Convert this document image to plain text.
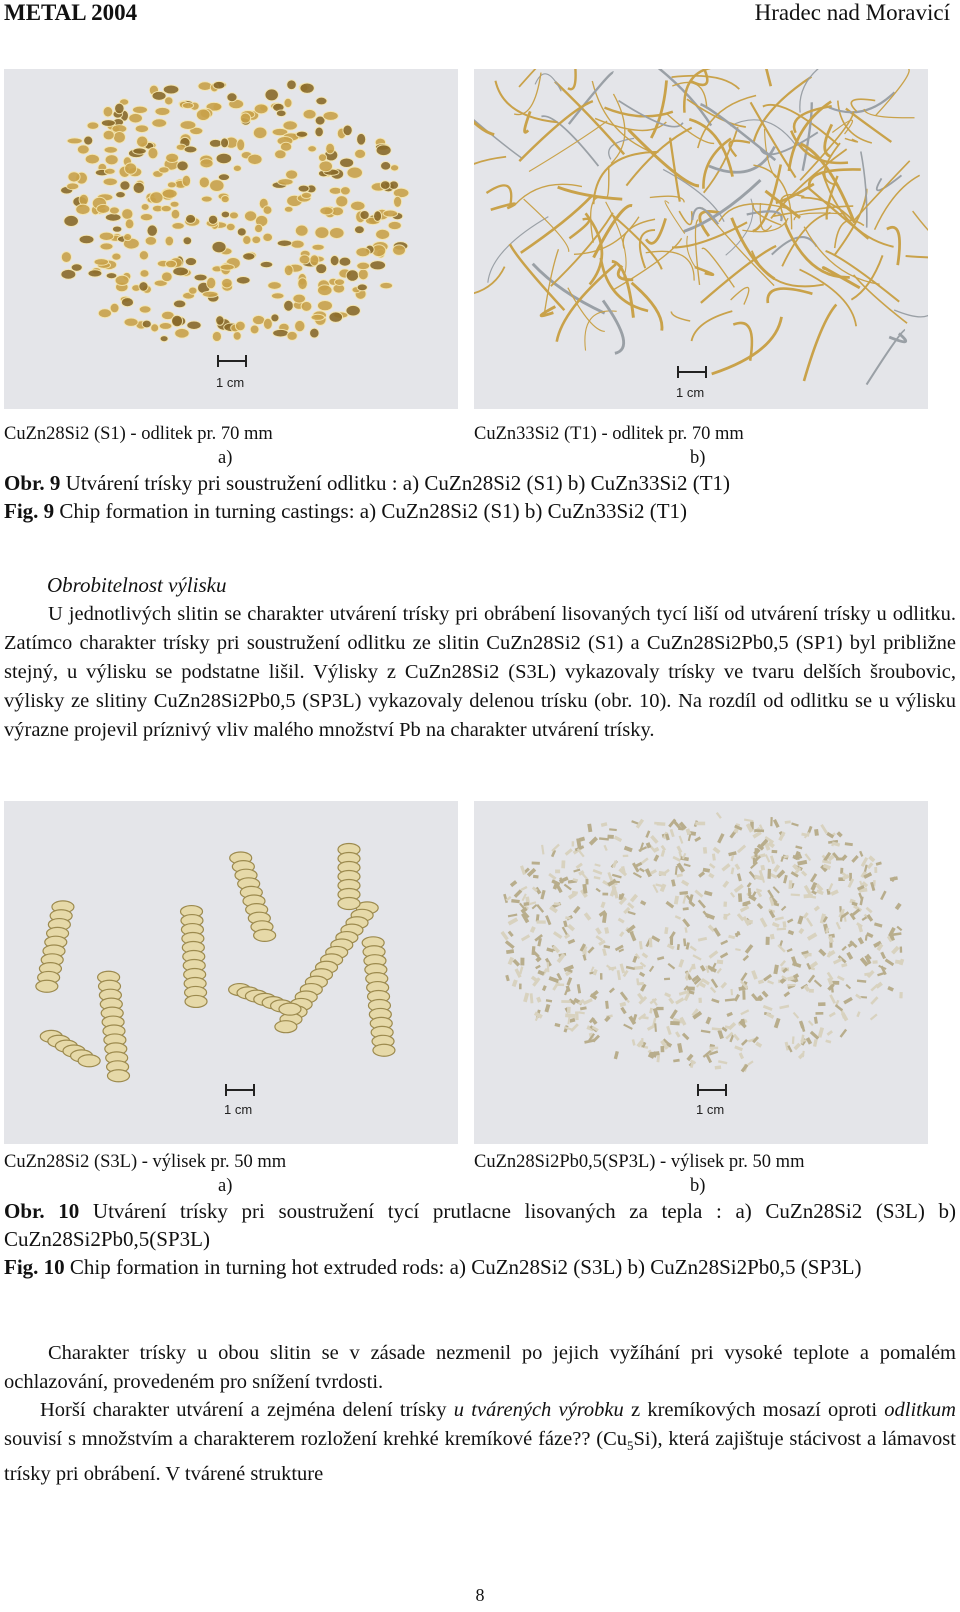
METAL 2004	Hradec nad Moravicí
1 cm
1 cm
CuZn28Si2 (S1) - odlitek pr. 70 mm	CuZn33Si2 (T1) - odlitek pr. 70 mm
a)	b)
Obr. 9 Utvárení trísky pri soustružení odlitku : a) CuZn28Si2 (S1) b) CuZn33Si2 (T1)
Fig. 9 Chip formation in turning castings: a) CuZn28Si2 (S1) b) CuZn33Si2 (T1)
Obrobitelnost výlisku
U jednotlivých slitin se charakter utvárení trísky pri obrábení lisovaných tycí liší od utvárení trísky u odlitku. Zatímco charakter trísky pri soustružení odlitku ze slitin CuZn28Si2 (S1) a CuZn28Si2Pb0,5 (SP1) byl približne stejný, u výlisku se podstatne lišil. Výlisky z CuZn28Si2 (S3L) vykazovaly trísky ve tvaru delších šroubovic, výlisky ze slitiny CuZn28Si2Pb0,5 (SP3L) vykazovaly delenou trísku (obr. 10). Na rozdíl od odlitku se u výlisku výrazne projevil príznivý vliv malého množství Pb na charakter utvárení trísky.
1 cm	1 cm
CuZn28Si2 (S3L) - výlisek pr. 50 mm	CuZn28Si2Pb0,5(SP3L) - výlisek pr. 50 mm
a)	b)
Obr. 10 Utvárení trísky pri soustružení tycí prutlacne lisovaných za tepla : a) CuZn28Si2 (S3L) b) CuZn28Si2Pb0,5(SP3L)
Fig. 10 Chip formation in turning hot extruded rods: a) CuZn28Si2 (S3L) b) CuZn28Si2Pb0,5 (SP3L)
Charakter trísky u obou slitin se v zásade nezmenil po jejich vyžíhání pri vysoké teplote a pomalém ochlazování, provedeném pro snížení tvrdosti.
Horší charakter utvárení a zejména delení trísky u tvárených výrobku z kremíkových mosazí oproti odlitkum souvisí s množstvím a charakterem rozložení krehké kremíkové fáze?? $(Cu_5Si)$, která zajištuje stácivost a lámavost trísky pri obrábení. V tvárené strukture
8
